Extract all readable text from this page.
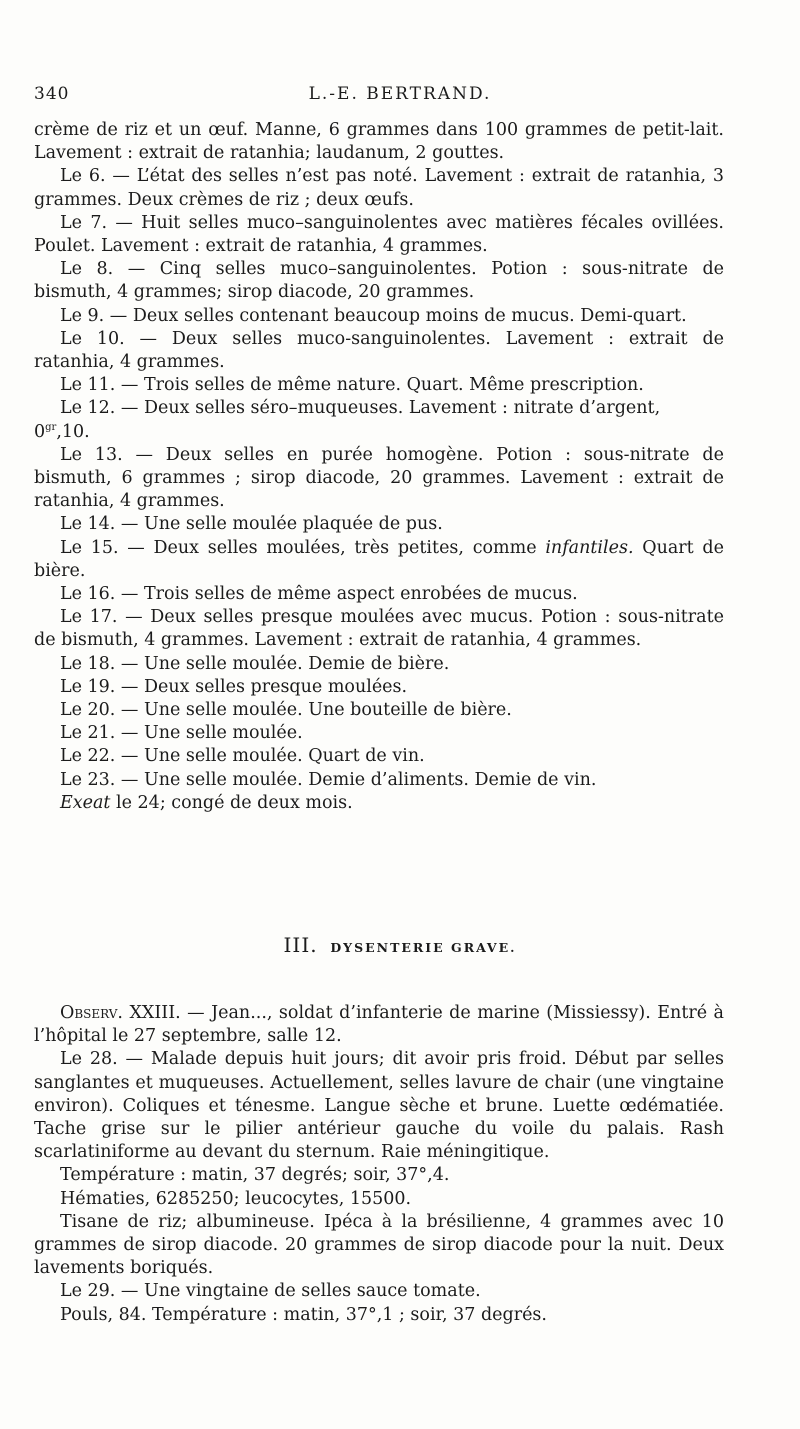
340	L.-E. BERTRAND.

crème de riz et un œuf. Manne, 6 grammes dans 100 grammes de petit-lait. Lavement : extrait de ratanhia; laudanum, 2 gouttes.

Le 6. — L’état des selles n’est pas noté. Lavement : extrait de ratanhia, 3 grammes. Deux crèmes de riz ; deux œufs.

Le 7. — Huit selles muco–sanguinolentes avec matières fécales ovillées. Poulet. Lavement : extrait de ratanhia, 4 grammes.

Le 8. — Cinq selles muco–sanguinolentes. Potion : sous-nitrate de bismuth, 4 grammes; sirop diacode, 20 grammes.

Le 9. — Deux selles contenant beaucoup moins de mucus. Demi-quart.

Le 10. — Deux selles muco-sanguinolentes. Lavement : extrait de ratanhia, 4 grammes.

Le 11. — Trois selles de même nature. Quart. Même prescription.

Le 12. — Deux selles séro–muqueuses. Lavement : nitrate d’argent,

$0^{gr},10$.

Le 13. — Deux selles en purée homogène. Potion : sous-nitrate de bismuth, 6 grammes ; sirop diacode, 20 grammes. Lavement : extrait de ratanhia, 4 grammes.

Le 14. — Une selle moulée plaquée de pus.

Le 15. — Deux selles moulées, très petites, comme infantiles. Quart de bière.

Le 16. — Trois selles de même aspect enrobées de mucus.

Le 17. — Deux selles presque moulées avec mucus. Potion : sous-nitrate de bismuth, 4 grammes. Lavement : extrait de ratanhia, 4 grammes.

Le 18. — Une selle moulée. Demie de bière.

Le 19. — Deux selles presque moulées.

Le 20. — Une selle moulée. Une bouteille de bière.

Le 21. — Une selle moulée.

Le 22. — Une selle moulée. Quart de vin.

Le 23. — Une selle moulée. Demie d’aliments. Demie de vin.

Exeat le 24; congé de deux mois.

III. DYSENTERIE GRAVE.

Observ. XXIII. — Jean..., soldat d’infanterie de marine (Missiessy). Entré à l’hôpital le 27 septembre, salle 12.

Le 28. — Malade depuis huit jours; dit avoir pris froid. Début par selles sanglantes et muqueuses. Actuellement, selles lavure de chair (une vingtaine environ). Coliques et ténesme. Langue sèche et brune. Luette œdématiée. Tache grise sur le pilier antérieur gauche du voile du palais. Rash scarlatiniforme au devant du sternum. Raie méningitique.

Température : matin, 37 degrés; soir, 37°,4.

Hématies, 6285250; leucocytes, 15500.

Tisane de riz; albumineuse. Ipéca à la brésilienne, 4 grammes avec 10 grammes de sirop diacode. 20 grammes de sirop diacode pour la nuit. Deux lavements boriqués.

Le 29. — Une vingtaine de selles sauce tomate.

Pouls, 84. Température : matin, 37°,1 ; soir, 37 degrés.
